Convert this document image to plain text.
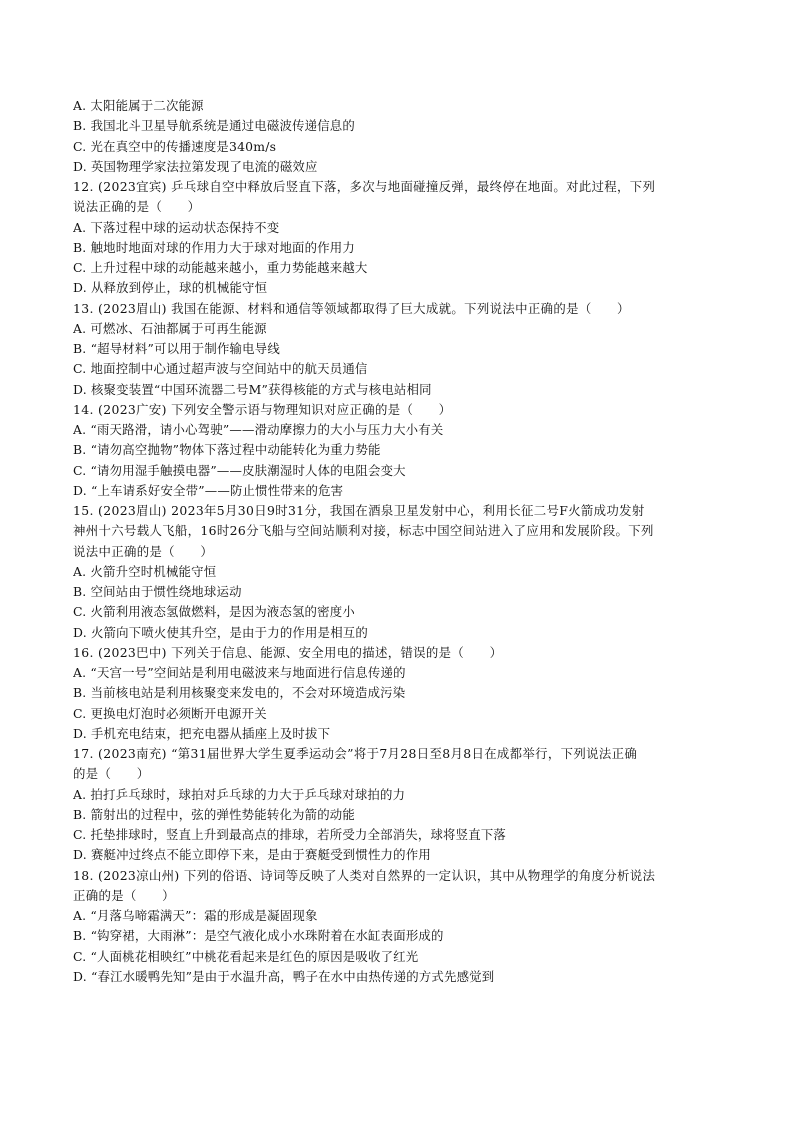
A. 太阳能属于二次能源
B. 我国北斗卫星导航系统是通过电磁波传递信息的
C. 光在真空中的传播速度是340m/s
D. 英国物理学家法拉第发现了电流的磁效应
12. (2023宜宾) 乒乓球自空中释放后竖直下落，多次与地面碰撞反弹，最终停在地面。对此过程，下列
说法正确的是（　　）
A. 下落过程中球的运动状态保持不变
B. 触地时地面对球的作用力大于球对地面的作用力
C. 上升过程中球的动能越来越小，重力势能越来越大
D. 从释放到停止，球的机械能守恒
13. (2023眉山) 我国在能源、材料和通信等领域都取得了巨大成就。下列说法中正确的是（　　）
A. 可燃冰、石油都属于可再生能源
B. “超导材料”可以用于制作输电导线
C. 地面控制中心通过超声波与空间站中的航天员通信
D. 核聚变装置“中国环流器二号M”获得核能的方式与核电站相同
14. (2023广安) 下列安全警示语与物理知识对应正确的是（　　）
A. “雨天路滑，请小心驾驶”——滑动摩擦力的大小与压力大小有关
B. “请勿高空抛物”物体下落过程中动能转化为重力势能
C. “请勿用湿手触摸电器”——皮肤潮湿时人体的电阻会变大
D. “上车请系好安全带”——防止惯性带来的危害
15. (2023眉山) 2023年5月30日9时31分，我国在酒泉卫星发射中心，利用长征二号F火箭成功发射
神州十六号载人飞船，16时26分飞船与空间站顺利对接，标志中国空间站进入了应用和发展阶段。下列
说法中正确的是（　　）
A. 火箭升空时机械能守恒
B. 空间站由于惯性绕地球运动
C. 火箭利用液态氢做燃料，是因为液态氢的密度小
D. 火箭向下喷火使其升空，是由于力的作用是相互的
16. (2023巴中) 下列关于信息、能源、安全用电的描述，错误的是（　　）
A. “天宫一号”空间站是利用电磁波来与地面进行信息传递的
B. 当前核电站是利用核聚变来发电的，不会对环境造成污染
C. 更换电灯泡时必须断开电源开关
D. 手机充电结束，把充电器从插座上及时拔下
17. (2023南充) “第31届世界大学生夏季运动会”将于7月28日至8月8日在成都举行，下列说法正确
的是（　　）
A. 拍打乒乓球时，球拍对乒乓球的力大于乒乓球对球拍的力
B. 箭射出的过程中，弦的弹性势能转化为箭的动能
C. 托垫排球时，竖直上升到最高点的排球，若所受力全部消失，球将竖直下落
D. 赛艇冲过终点不能立即停下来，是由于赛艇受到惯性力的作用
18. (2023凉山州) 下列的俗语、诗词等反映了人类对自然界的一定认识，其中从物理学的角度分析说法
正确的是（　　）
A. “月落乌啼霜满天”：霜的形成是凝固现象
B. “钩穿裙，大雨淋”：是空气液化成小水珠附着在水缸表面形成的
C. “人面桃花相映红”中桃花看起来是红色的原因是吸收了红光
D. “春江水暖鸭先知”是由于水温升高，鸭子在水中由热传递的方式先感觉到
